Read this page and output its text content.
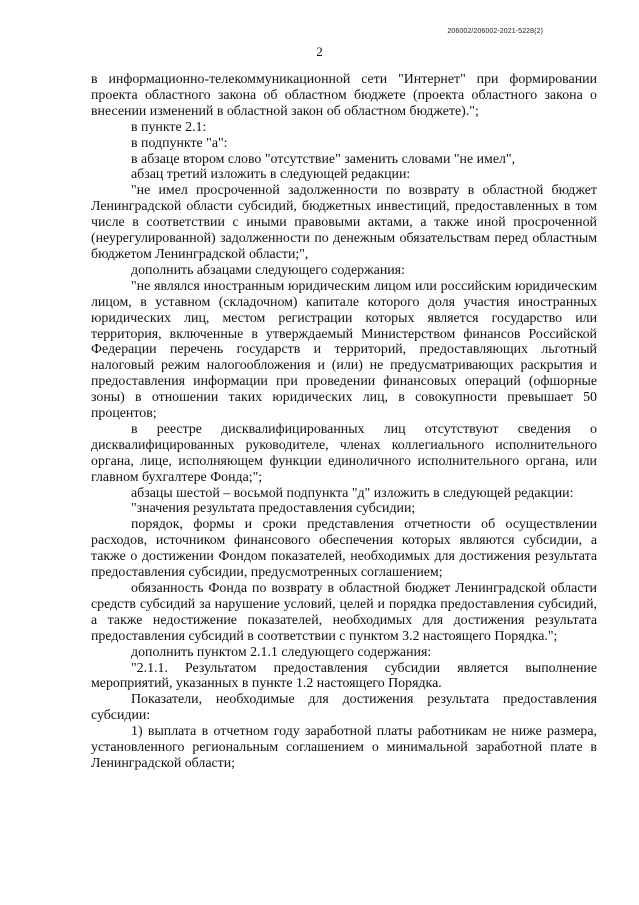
206002/206002-2021-5228(2)
2

в информационно-телекоммуникационной сети "Интернет" при формировании проекта областного закона об областном бюджете (проекта областного закона о внесении изменений в областной закон об областном бюджете).";

в пункте 2.1:

в подпункте "а":

в абзаце втором слово "отсутствие" заменить словами "не имел",

абзац третий изложить в следующей редакции:

"не имел просроченной задолженности по возврату в областной бюджет Ленинградской области субсидий, бюджетных инвестиций, предоставленных в том числе в соответствии с иными правовыми актами, а также иной просроченной (неурегулированной) задолженности по денежным обязательствам перед областным бюджетом Ленинградской области;",

дополнить абзацами следующего содержания:

"не являлся иностранным юридическим лицом или российским юридическим лицом, в уставном (складочном) капитале которого доля участия иностранных юридических лиц, местом регистрации которых является государство или территория, включенные в утверждаемый Министерством финансов Российской Федерации перечень государств и территорий, предоставляющих льготный налоговый режим налогообложения и (или) не предусматривающих раскрытия и предоставления информации при проведении финансовых операций (офшорные зоны) в отношении таких юридических лиц, в совокупности превышает 50 процентов;

в реестре дисквалифицированных лиц отсутствуют сведения о дисквалифицированных руководителе, членах коллегиального исполнительного органа, лице, исполняющем функции единоличного исполнительного органа, или главном бухгалтере Фонда;";

абзацы шестой – восьмой подпункта "д" изложить в следующей редакции:

"значения результата предоставления субсидии;

порядок, формы и сроки представления отчетности об осуществлении расходов, источником финансового обеспечения которых являются субсидии, а также о достижении Фондом показателей, необходимых для достижения результата предоставления субсидии, предусмотренных соглашением;

обязанность Фонда по возврату в областной бюджет Ленинградской области средств субсидий за нарушение условий, целей и порядка предоставления субсидий, а также недостижение показателей, необходимых для достижения результата предоставления субсидий в соответствии с пунктом 3.2 настоящего Порядка.";

дополнить пунктом 2.1.1 следующего содержания:

"2.1.1. Результатом предоставления субсидии является выполнение мероприятий, указанных в пункте 1.2 настоящего Порядка.

Показатели, необходимые для достижения результата предоставления субсидии:

1) выплата в отчетном году заработной платы работникам не ниже размера, установленного региональным соглашением о минимальной заработной плате в Ленинградской области;
